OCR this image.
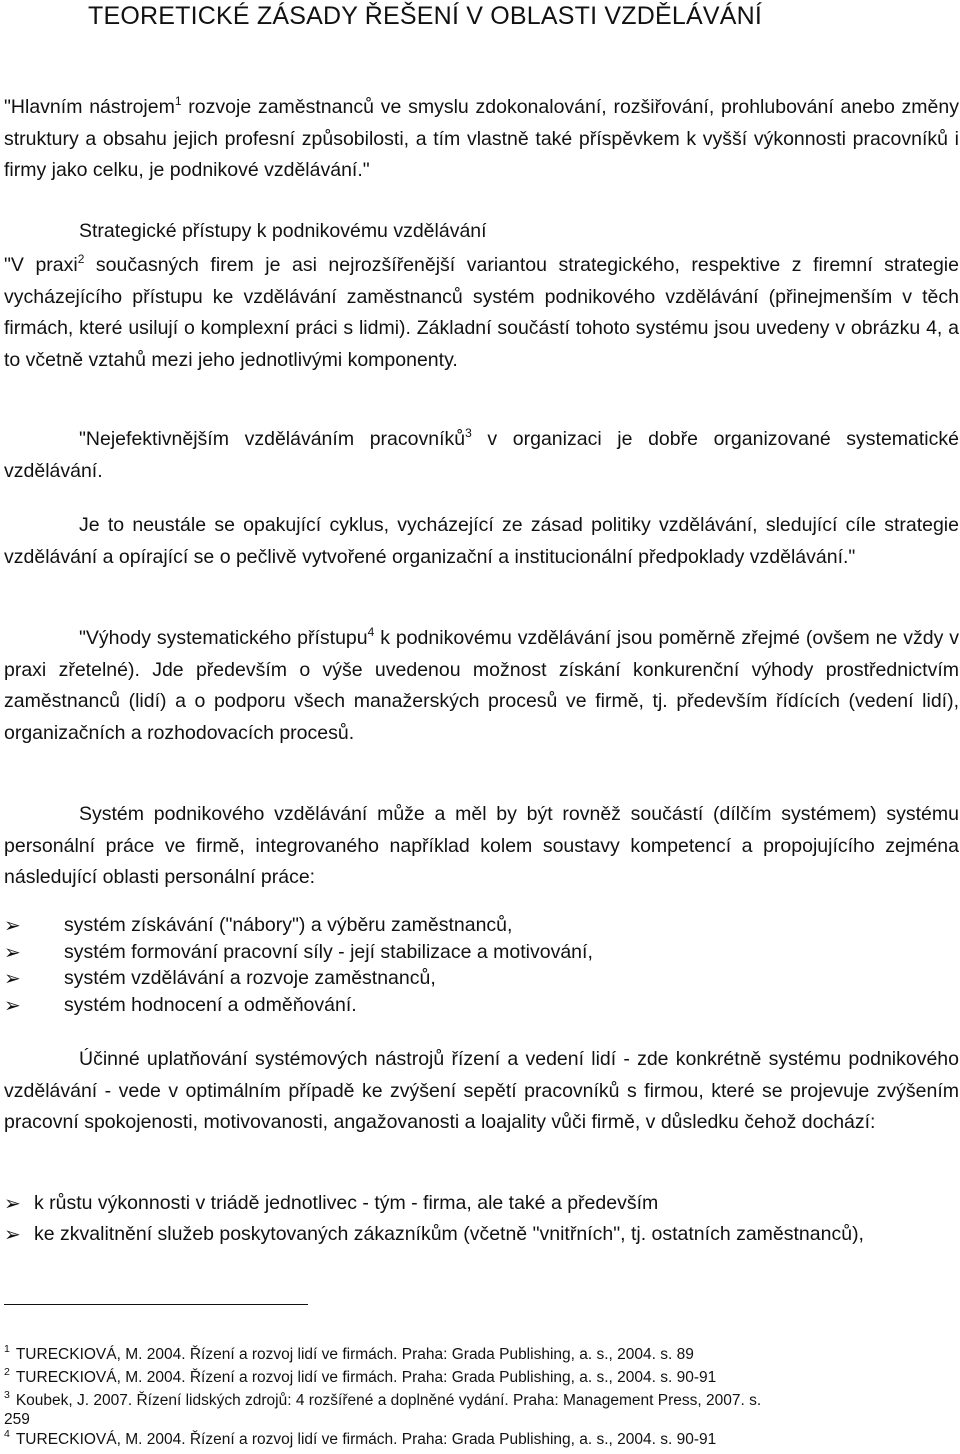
TEORETICKÉ ZÁSADY ŘEŠENÍ V OBLASTI VZDĚLÁVÁNÍ

"Hlavním nástrojem$^1$ rozvoje zaměstnanců ve smyslu zdokonalování, rozšiřování, prohlubování anebo změny struktury a obsahu jejich profesní způsobilosti, a tím vlastně také příspěvkem k vyšší výkonnosti pracovníků i firmy jako celku, je podnikové vzdělávání."

Strategické přístupy k podnikovému vzdělávání

"V praxi$^2$ současných firem je asi nejrozšířenější variantou strategického, respektive z firemní strategie vycházejícího přístupu ke vzdělávání zaměstnanců systém podnikového vzdělávání (přinejmenším v těch firmách, které usilují o komplexní práci s lidmi). Základní součástí tohoto systému jsou uvedeny v obrázku 4, a to včetně vztahů mezi jeho jednotlivými komponenty.

"Nejefektivnějším vzděláváním pracovníků$^3$ v organizaci je dobře organizované systematické vzdělávání.

Je to neustále se opakující cyklus, vycházející ze zásad politiky vzdělávání, sledující cíle strategie vzdělávání a opírající se o pečlivě vytvořené organizační a institucionální předpoklady vzdělávání."

"Výhody systematického přístupu$^4$ k podnikovému vzdělávání jsou poměrně zřejmé (ovšem ne vždy v praxi zřetelné). Jde především o výše uvedenou možnost získání konkurenční výhody prostřednictvím zaměstnanců (lidí) a o podporu všech manažerských procesů ve firmě, tj. především řídících (vedení lidí), organizačních a rozhodovacích procesů.

Systém podnikového vzdělávání může a měl by být rovněž součástí (dílčím systémem) systému personální práce ve firmě, integrovaného například kolem soustavy kompetencí a propojujícího zejména následující oblasti personální práce:

➢ systém získávání ("nábory") a výběru zaměstnanců,
➢ systém formování pracovní síly - její stabilizace a motivování,
➢ systém vzdělávání a rozvoje zaměstnanců,
➢ systém hodnocení a odměňování.

Účinné uplatňování systémových nástrojů řízení a vedení lidí - zde konkrétně systému podnikového vzdělávání - vede v optimálním případě ke zvýšení sepětí pracovníků s firmou, které se projevuje zvýšením pracovní spokojenosti, motivovanosti, angažovanosti a loajality vůči firmě, v důsledku čehož dochází:

➢ k růstu výkonnosti v triádě jednotlivec - tým - firma, ale také a především
➢ ke zkvalitnění služeb poskytovaných zákazníkům (včetně "vnitřních", tj. ostatních zaměstnanců),
$^1$ TURECKIOVÁ, M. 2004. Řízení a rozvoj lidí ve firmách. Praha: Grada Publishing, a. s., 2004. s. 89
$^2$ TURECKIOVÁ, M. 2004. Řízení a rozvoj lidí ve firmách. Praha: Grada Publishing, a. s., 2004. s. 90-91
$^3$ Koubek, J. 2007. Řízení lidských zdrojů: 4 rozšířené a doplněné vydání. Praha: Management Press, 2007. s.
259
$^4$ TURECKIOVÁ, M. 2004. Řízení a rozvoj lidí ve firmách. Praha: Grada Publishing, a. s., 2004. s. 90-91
